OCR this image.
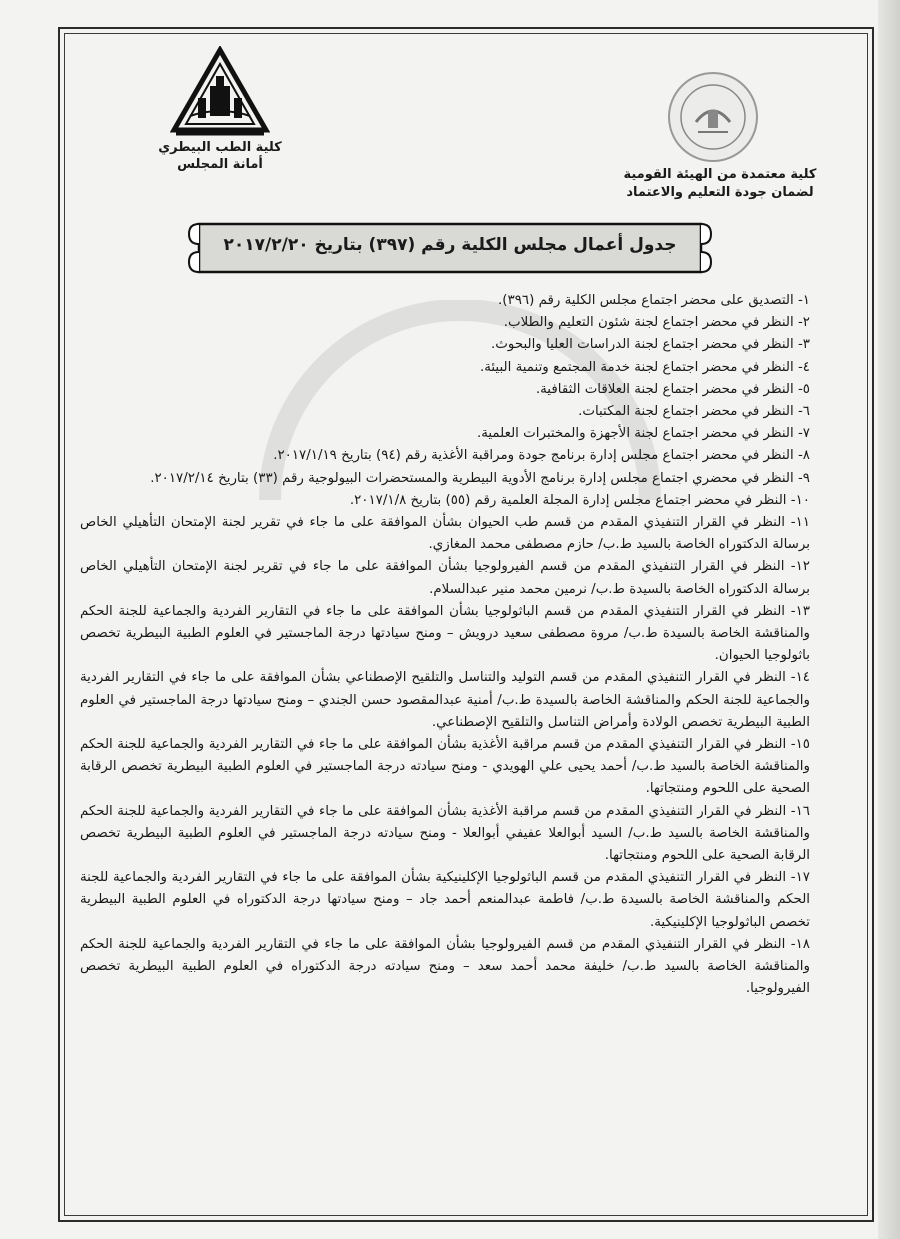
كلية الطب البيطري
أمانة المجلس
كلية معتمدة من الهيئة القومية
لضمان جودة التعليم والاعتماد
جدول أعمال مجلس الكلية رقم (٣٩٧) بتاريخ ٢٠١٧/٢/٢٠
١- التصديق على محضر اجتماع مجلس الكلية رقم (٣٩٦).
٢- النظر في محضر اجتماع لجنة شئون التعليم والطلاب.
٣- النظر في محضر اجتماع لجنة الدراسات العليا والبحوث.
٤- النظر في محضر اجتماع لجنة خدمة المجتمع وتنمية البيئة.
٥- النظر في محضر اجتماع لجنة العلاقات الثقافية.
٦- النظر في محضر اجتماع لجنة المكتبات.
٧- النظر في محضر اجتماع لجنة الأجهزة والمختبرات العلمية.
٨- النظر في محضر اجتماع مجلس إدارة برنامج جودة ومراقبة الأغذية رقم (٩٤) بتاريخ ٢٠١٧/١/١٩.
٩- النظر في محضري اجتماع مجلس إدارة برنامج الأدوية البيطرية والمستحضرات البيولوجية رقم (٣٣) بتاريخ ٢٠١٧/٢/١٤.
١٠- النظر في محضر اجتماع مجلس إدارة المجلة العلمية رقم (٥٥) بتاريخ ٢٠١٧/١/٨.
١١- النظر في القرار التنفيذي المقدم من قسم طب الحيوان بشأن الموافقة على ما جاء في تقرير لجنة الإمتحان التأهيلي الخاص برسالة الدكتوراه الخاصة بالسيد ط.ب/ حازم مصطفى محمد المغازي.
١٢- النظر في القرار التنفيذي المقدم من قسم الفيرولوجيا بشأن الموافقة على ما جاء في تقرير لجنة الإمتحان التأهيلي الخاص برسالة الدكتوراه الخاصة بالسيدة ط.ب/ نرمين محمد منير عبدالسلام.
١٣- النظر في القرار التنفيذي المقدم من قسم الباثولوجيا بشأن الموافقة على ما جاء في التقارير الفردية والجماعية للجنة الحكم والمناقشة الخاصة بالسيدة ط.ب/ مروة مصطفى سعيد درويش – ومنح سيادتها درجة الماجستير في العلوم الطبية البيطرية تخصص باثولوجيا الحيوان.
١٤- النظر في القرار التنفيذي المقدم من قسم التوليد والتناسل والتلقيح الإصطناعي بشأن الموافقة على ما جاء في التقارير الفردية والجماعية للجنة الحكم والمناقشة الخاصة بالسيدة ط.ب/ أمنية عبدالمقصود حسن الجندي – ومنح سيادتها درجة الماجستير في العلوم الطبية البيطرية تخصص الولادة وأمراض التناسل والتلقيح الإصطناعي.
١٥- النظر في القرار التنفيذي المقدم من قسم مراقبة الأغذية بشأن الموافقة على ما جاء في التقارير الفردية والجماعية للجنة الحكم والمناقشة الخاصة بالسيد ط.ب/ أحمد يحيى علي الهويدي - ومنح سيادته درجة الماجستير في العلوم الطبية البيطرية تخصص الرقابة الصحية على اللحوم ومنتجاتها.
١٦- النظر في القرار التنفيذي المقدم من قسم مراقبة الأغذية بشأن الموافقة على ما جاء في التقارير الفردية والجماعية للجنة الحكم والمناقشة الخاصة بالسيد ط.ب/ السيد أبوالعلا عفيفي أبوالعلا - ومنح سيادته درجة الماجستير في العلوم الطبية البيطرية تخصص الرقابة الصحية على اللحوم ومنتجاتها.
١٧- النظر في القرار التنفيذي المقدم من قسم الباثولوجيا الإكلينيكية بشأن الموافقة على ما جاء في التقارير الفردية والجماعية للجنة الحكم والمناقشة الخاصة بالسيدة ط.ب/ فاطمة عبدالمنعم أحمد جاد – ومنح سيادتها درجة الدكتوراه في العلوم الطبية البيطرية تخصص الباثولوجيا الإكلينيكية.
١٨- النظر في القرار التنفيذي المقدم من قسم الفيرولوجيا بشأن الموافقة على ما جاء في التقارير الفردية والجماعية للجنة الحكم والمناقشة الخاصة بالسيد ط.ب/ خليفة محمد أحمد سعد – ومنح سيادته درجة الدكتوراه في العلوم الطبية البيطرية تخصص الفيرولوجيا.
